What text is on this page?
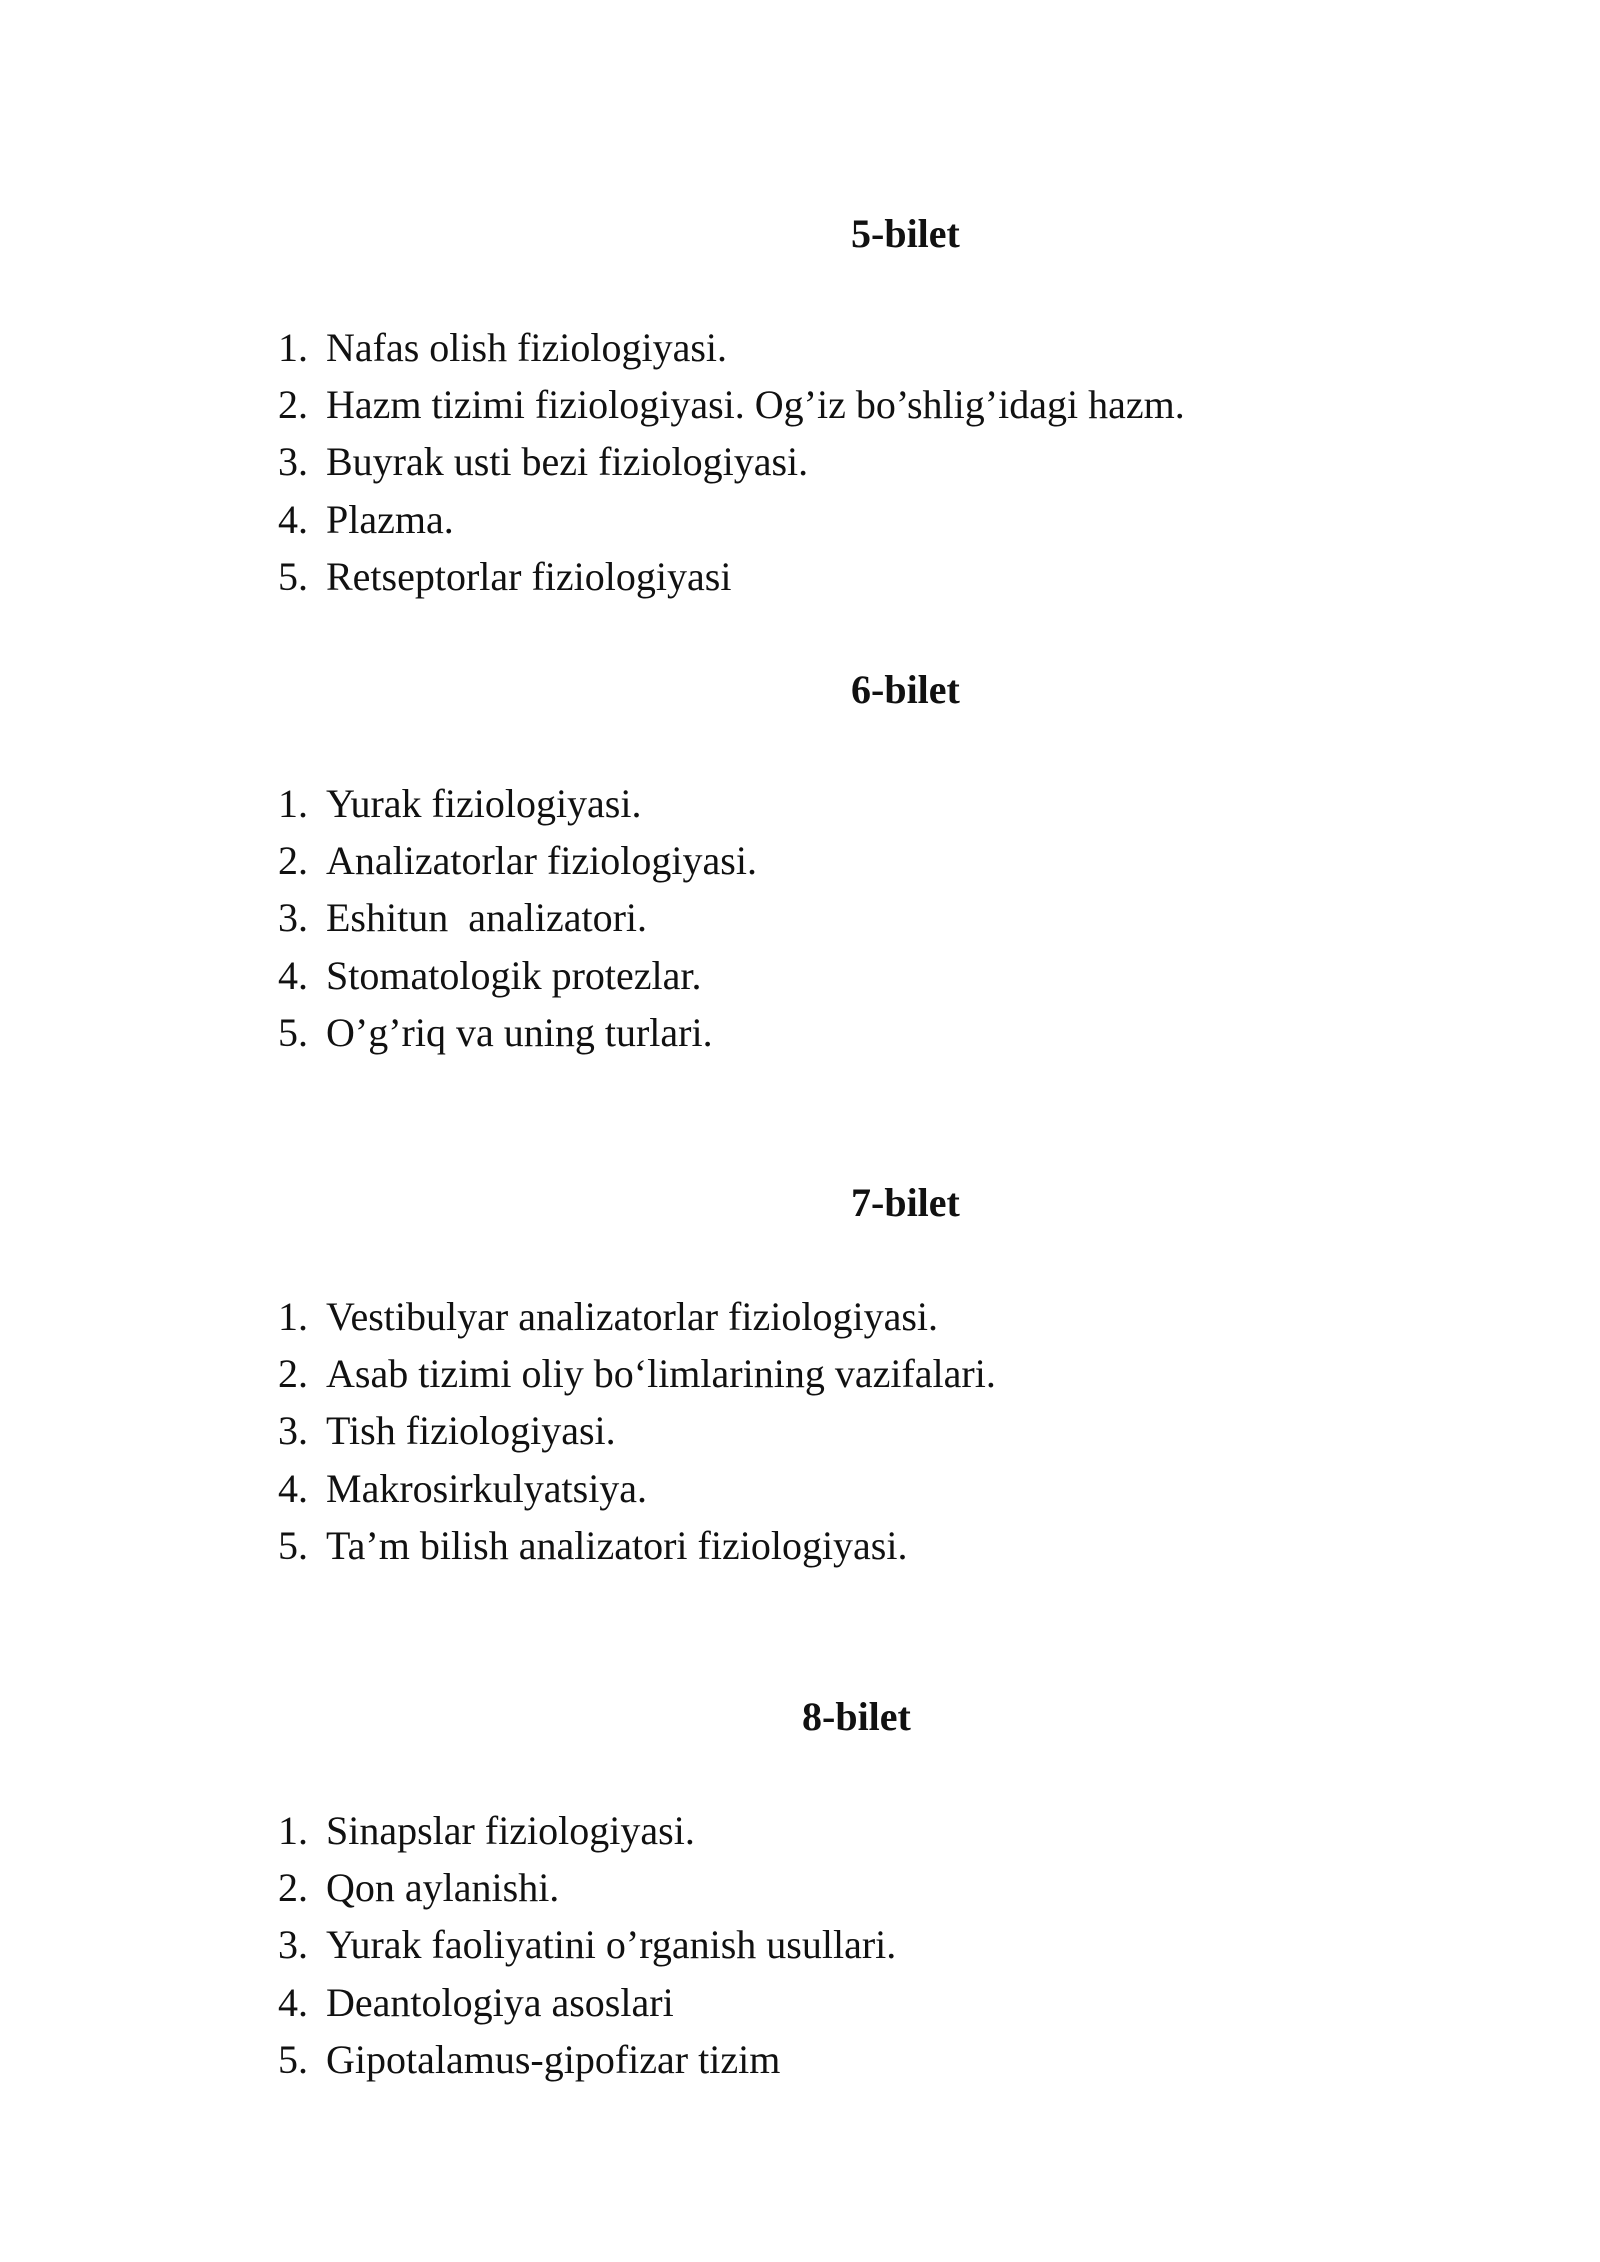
5-bilet
1. Nafas olish fiziologiyasi.
2. Hazm tizimi fiziologiyasi. Og’iz bo’shlig’idagi hazm.
3. Buyrak usti bezi fiziologiyasi.
4. Plazma.
5. Retseptorlar fiziologiyasi
6-bilet
1. Yurak fiziologiyasi.
2. Analizatorlar fiziologiyasi.
3. Eshitun  analizatori.
4. Stomatologik protezlar.
5. O’g’riq va uning turlari.
7-bilet
1. Vestibulyar analizatorlar fiziologiyasi.
2. Asab tizimi oliy bo‘limlarining vazifalari.
3. Tish fiziologiyasi.
4. Makrosirkulyatsiya.
5. Ta’m bilish analizatori fiziologiyasi.
8-bilet
1. Sinapslar fiziologiyasi.
2. Qon aylanishi.
3. Yurak faoliyatini o’rganish usullari.
4. Deantologiya asoslari
5. Gipotalamus-gipofizar tizim
